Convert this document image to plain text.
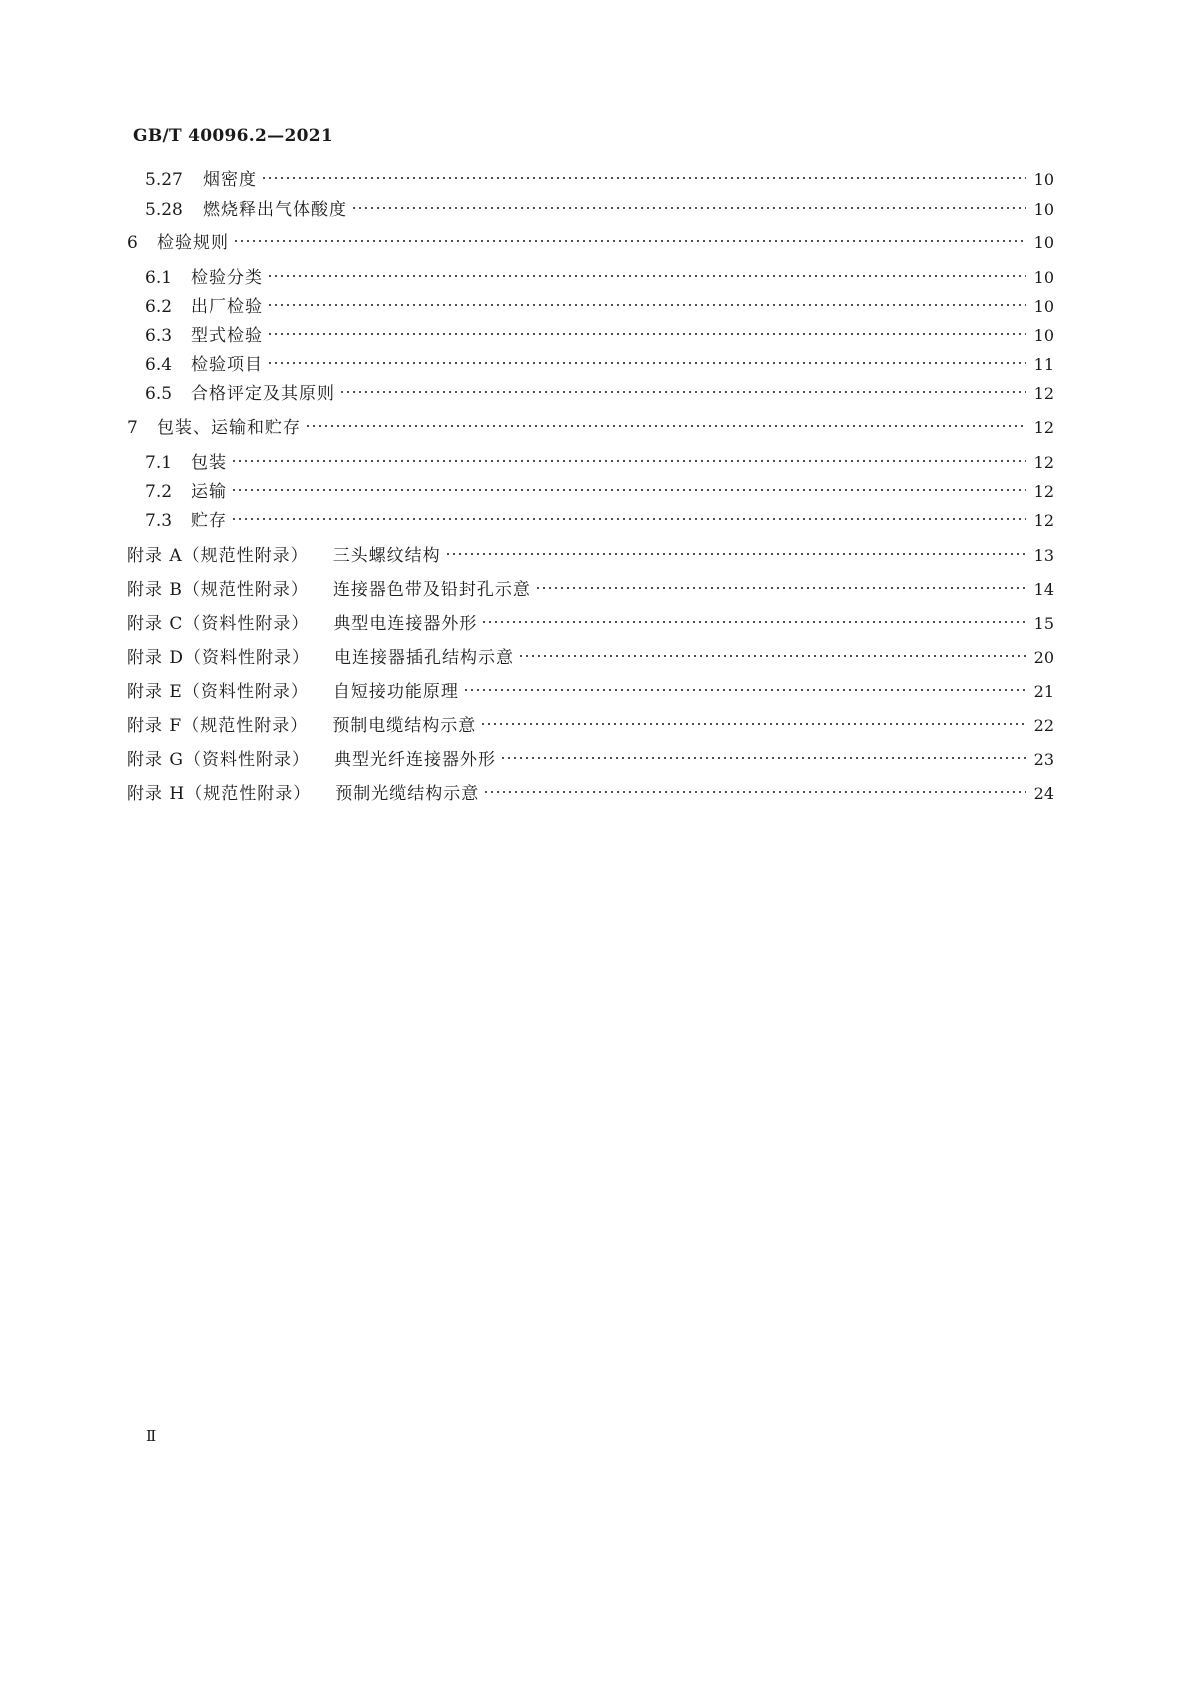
GB/T 40096.2—2021
5.27	烟密度	10
5.28	燃烧释出气体酸度	10
6	检验规则	10
6.1	检验分类	10
6.2	出厂检验	10
6.3	型式检验	10
6.4	检验项目	11
6.5	合格评定及其原则	12
7	包装、运输和贮存	12
7.1	包装	12
7.2	运输	12
7.3	贮存	12
附录 A（规范性附录） 三头螺纹结构	13
附录 B（规范性附录） 连接器色带及铅封孔示意	14
附录 C（资料性附录） 典型电连接器外形	15
附录 D（资料性附录） 电连接器插孔结构示意	20
附录 E（资料性附录） 自短接功能原理	21
附录 F（规范性附录） 预制电缆结构示意	22
附录 G（资料性附录） 典型光纤连接器外形	23
附录 H（规范性附录） 预制光缆结构示意	24
Ⅱ
